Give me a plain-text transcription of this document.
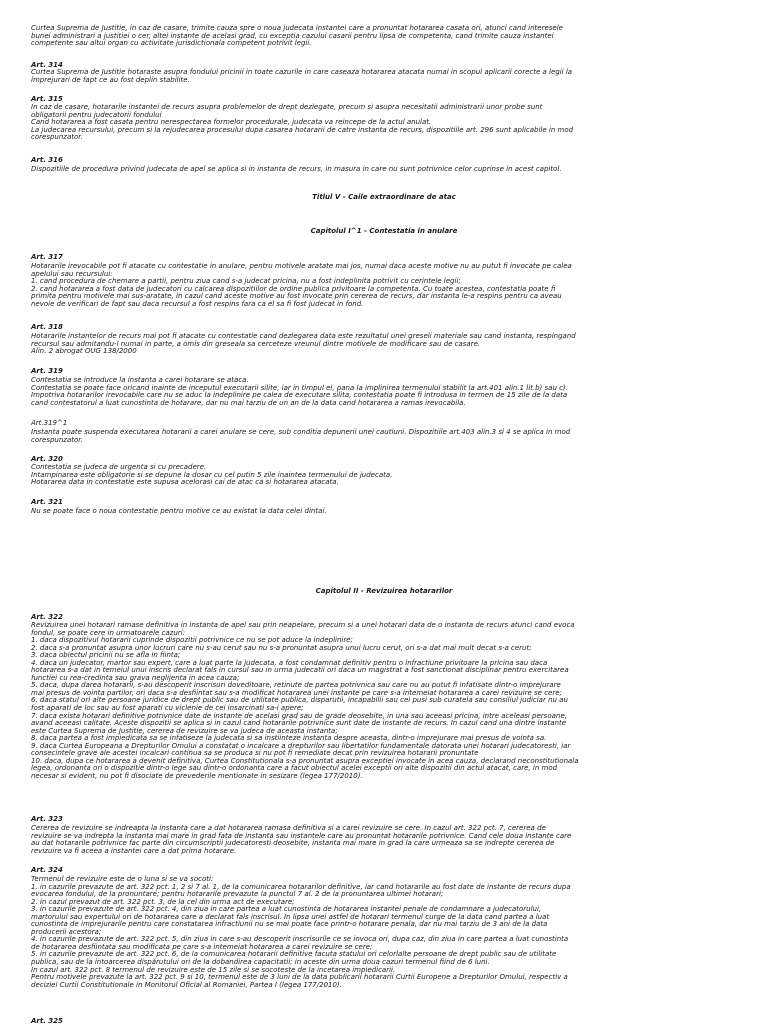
Curtea Suprema de Justitie, in caz de casare, trimite cauza spre o noua judecata instantei care a pronuntat hotararea casata ori, atunci cand interesele
bunei administrari a justitiei o cer, altei instante de acelasi grad, cu exceptia cazului casarii pentru lipsa de competenta, cand trimite cauza instantei
competente sau altui organ cu activitate jurisdictionala competent potrivit legii.

Art. 314

Curtea Suprema de Justitie hotaraste asupra fondului pricinii in toate cazurile in care caseaza hotararea atacata numai in scopul aplicarii corecte a legii la
imprejurari de fapt ce au fost deplin stabilite.

Art. 315

In caz de casare, hotararile instantei de recurs asupra problemelor de drept dezlegate, precum si asupra necesitatii administrarii unor probe sunt
obligatorii pentru judecatorii fondului
Cand hotararea a fost casata pentru nerespectarea formelor procedurale, judecata va reincepe de la actul anulat.
La judecarea recursului, precum si la rejudecarea procesului dupa casarea hotararii de catre instanta de recurs, dispozitiile art. 296 sunt aplicabile in mod
corespunzator.

Art. 316

Dispozitiile de procedura privind judecata de apel se aplica si in instanta de recurs, in masura in care nu sunt potrivnice celor cuprinse in acest capitol.

Titlul V - Caile extraordinare de atac

Capitolul I^1 - Contestatia in anulare

Art. 317

Hotararile irevocabile pot fi atacate cu contestatie in anulare, pentru motivele aratate mai jos, numai daca aceste motive nu au putut fi invocate pe calea
apelului sau recursului:
1. cand procedura de chemare a partii, pentru ziua cand s-a judecat pricina, nu a fost indeplinita potrivit cu cerintele legii;
2. cand hotararea a fost data de judecatori cu calcarea dispozitiilor de ordine publica privitoare la competenta. Cu toate acestea, contestatia poate fi
primita pentru motivele mai sus-aratate, in cazul cand aceste motive au fost invocate prin cererea de recurs, dar instanta le-a respins pentru ca aveau
nevoie de verificari de fapt sau daca recursul a fost respins fara ca el sa fi fost judecat in fond.

Art. 318

Hotararile instantelor de recurs mai pot fi atacate cu contestatie cand dezlegarea data este rezultatul unei greseli materiale sau cand instanta, respingand
recursul sau admitandu-l numai in parte, a omis din greseala sa cerceteze vreunul dintre motivele de modificare sau de casare.
Alin. 2 abrogat OUG 138/2000

Art. 319

Contestatia se introduce la instanta a carei hotarare se ataca.
Contestatia se poate face oricand inainte de inceputul executarii silite, iar in timpul ei, pana la implinirea termenului stabilit la art.401 alin.1 lit.b) sau c).
Impotriva hotararilor irevocabile care nu se aduc la indeplinire pe calea de executare silita, contestatia poate fi introdusa in termen de 15 zile de la data
cand contestatorul a luat cunostinta de hotarare, dar nu mai tarziu de un an de la data cand hotararea a ramas irevocabila.

Art.319^1

Instanta poate suspenda executarea hotararii a carei anulare se cere, sub conditia depunerii unei cautiuni. Dispozitiile art.403 alin.3 si 4 se aplica in mod
corespunzator.

Art. 320

Contestatia se judeca de urgenta si cu precadere.
Intampinarea este obligatorie si se depune la dosar cu cel putin 5 zile inaintea termenului de judecata.
Hotararea data in contestatie este supusa acelorasi cai de atac ca si hotararea atacata.

Art. 321

Nu se poate face o noua contestatie pentru motive ce au existat la data celei dintai.

Capitolul II - Revizuirea hotararilor

Art. 322

Revizuirea unei hotarari ramase definitiva in instanta de apel sau prin neapelare, precum si a unei hotarari data de o instanta de recurs atunci cand evoca
fondul, se poate cere in urmatoarele cazuri:
1. daca dispozitivul hotararii cuprinde dispozitii potrivnice ce nu se pot aduce la indeplinire;
2. daca s-a pronuntat asupra unor lucruri care nu s-au cerut sau nu s-a pronuntat asupra unui lucru cerut, ori s-a dat mai mult decat s-a cerut;
3. daca obiectul pricinii nu se afla in fiinta;
4. daca un judecator, martor sau expert, care a luat parte la judecata, a fost condamnat definitiv pentru o infractiune privitoare la pricina sau daca
hotararea s-a dat in temeiul unui inscris declarat fals in cursul sau in urma judecatii ori daca un magistrat a fost sanctionat disciplinar pentru exercitarea
functiei cu rea-credinta sau grava neglijenta in acea cauza;
5. daca, dupa darea hotararii, s-au descoperit inscrisuri doveditoare, retinute de partea potrivnica sau care nu au putut fi infatisate dintr-o imprejurare
mai presus de vointa partilor, ori daca s-a desfiintat sau s-a modificat hotararea unei instante pe care s-a intemeiat hotararea a carei revizuire se cere;
6. daca statul ori alte persoane juridice de drept public sau de utilitate publica, disparutii, incapabilii sau cei pusi sub curatela sau consiliul judiciar nu au
fost aparati de loc sau au fost aparati cu viclenie de cei insarcinati sa-i apere;
7. daca exista hotarari definitive potrivnice date de instante de acelasi grad sau de grade deosebite, in una sau aceeasi pricina, intre aceleasi persoane,
avand aceeasi calitate. Aceste dispozitii se aplica si in cazul cand hotararile potrivnice sunt date de instante de recurs. In cazul cand una dintre instante
este Curtea Suprema de Justitie, cererea de revizuire se va judeca de aceasta instanta;
8. daca partea a fost impiedicata sa se infatiseze la judecata si sa instiinteze instanta despre aceasta, dintr-o imprejurare mai presus de vointa sa.
9. daca Curtea Europeana a Drepturilor Omului a constatat o incalcare a drepturilor sau libertatilor fundamentale datorata unei hotarari judecatoresti, iar
consecintele grave ale acestei incalcari continua sa se produca si nu pot fi remediate decat prin revizuirea hotararii pronuntate
10. daca, dupa ce hotararea a devenit definitiva, Curtea Constitutionala s-a pronuntat asupra exceptiei invocate in acea cauza, declarand neconstitutionala
legea, ordonanta ori o dispozitie dintr-o lege sau dintr-o ordonanta care a facut obiectul acelei exceptii ori alte dispozitii din actul atacat, care, in mod
necesar si evident, nu pot fi disociate de prevederile mentionate in sesizare (legea 177/2010).

Art. 323

Cererea de revizuire se indreapta la instanta care a dat hotararea ramasa definitiva si a carei revizuire se cere. In cazul art. 322 pct. 7, cererea de
revizuire se va indrepta la instanta mai mare in grad fata de instanta sau instantele care au pronuntat hotararile potrivnice. Cand cele doua instante care
au dat hotararile potrivnice fac parte din circumscriptii judecatoresti deosebite, instanta mai mare in grad la care urmeaza sa se indrepte cererea de
revizuire va fi aceea a instantei care a dat prima hotarare.

Art. 324

Termenul de revizuire este de o luna si se va socoti:
1. in cazurile prevazute de art. 322 pct. 1, 2 si 7 al. 1, de la comunicarea hotararilor definitive, iar cand hotararile au fost date de instante de recurs dupa
evocarea fondului, de la pronuntare; pentru hotararile prevazute la punctul 7 al. 2 de la pronuntarea ultimei hotarari;
2. in cazul prevazut de art. 322 pct. 3, de la cel din urma act de executare;
3. in cazurile prevazute de art. 322 pct. 4, din ziua in care partea a luat cunostinta de hotararea instantei penale de condamnare a judecatorului,
martorului sau expertului ori de hotararea care a declarat fals inscrisul. In lipsa unei astfel de hotarari termenul curge de la data cand partea a luat
cunostinta de imprejurarile pentru care constatarea infractiunii nu se mai poate face printr-o hotarare penala, dar nu mai tarziu de 3 ani de la data
producerii acestora;
4. in cazurile prevazute de art. 322 pct. 5, din ziua in care s-au descoperit inscrisurile ce se invoca ori, dupa caz, din ziua in care partea a luat cunostinta
de hotararea desfiintata sau modificata pe care s-a intemeiat hotararea a carei revizuire se cere;
5. in cazurile prevazute de art. 322 pct. 6, de la comunicarea hotararii definitive facuta statului ori celorlalte persoane de drept public sau de utilitate
publica, sau de la intoarcerea dispărutului ori de la dobandirea capacitatii; in aceste din urma doua cazuri termenul fiind de 6 luni.
In cazul art. 322 pct. 8 termenul de revizuire este de 15 zile si se socoteste de la incetarea impiedicarii.
Pentru motivele prevazute la art. 322 pct. 9 si 10, termenul este de 3 luni de la data publicarii hotararii Curtii Europene a Drepturilor Omului, respectiv a
deciziei Curtii Constitutionale in Monitorul Oficial al Romaniei, Partea I (legea 177/2010).

Art. 325
